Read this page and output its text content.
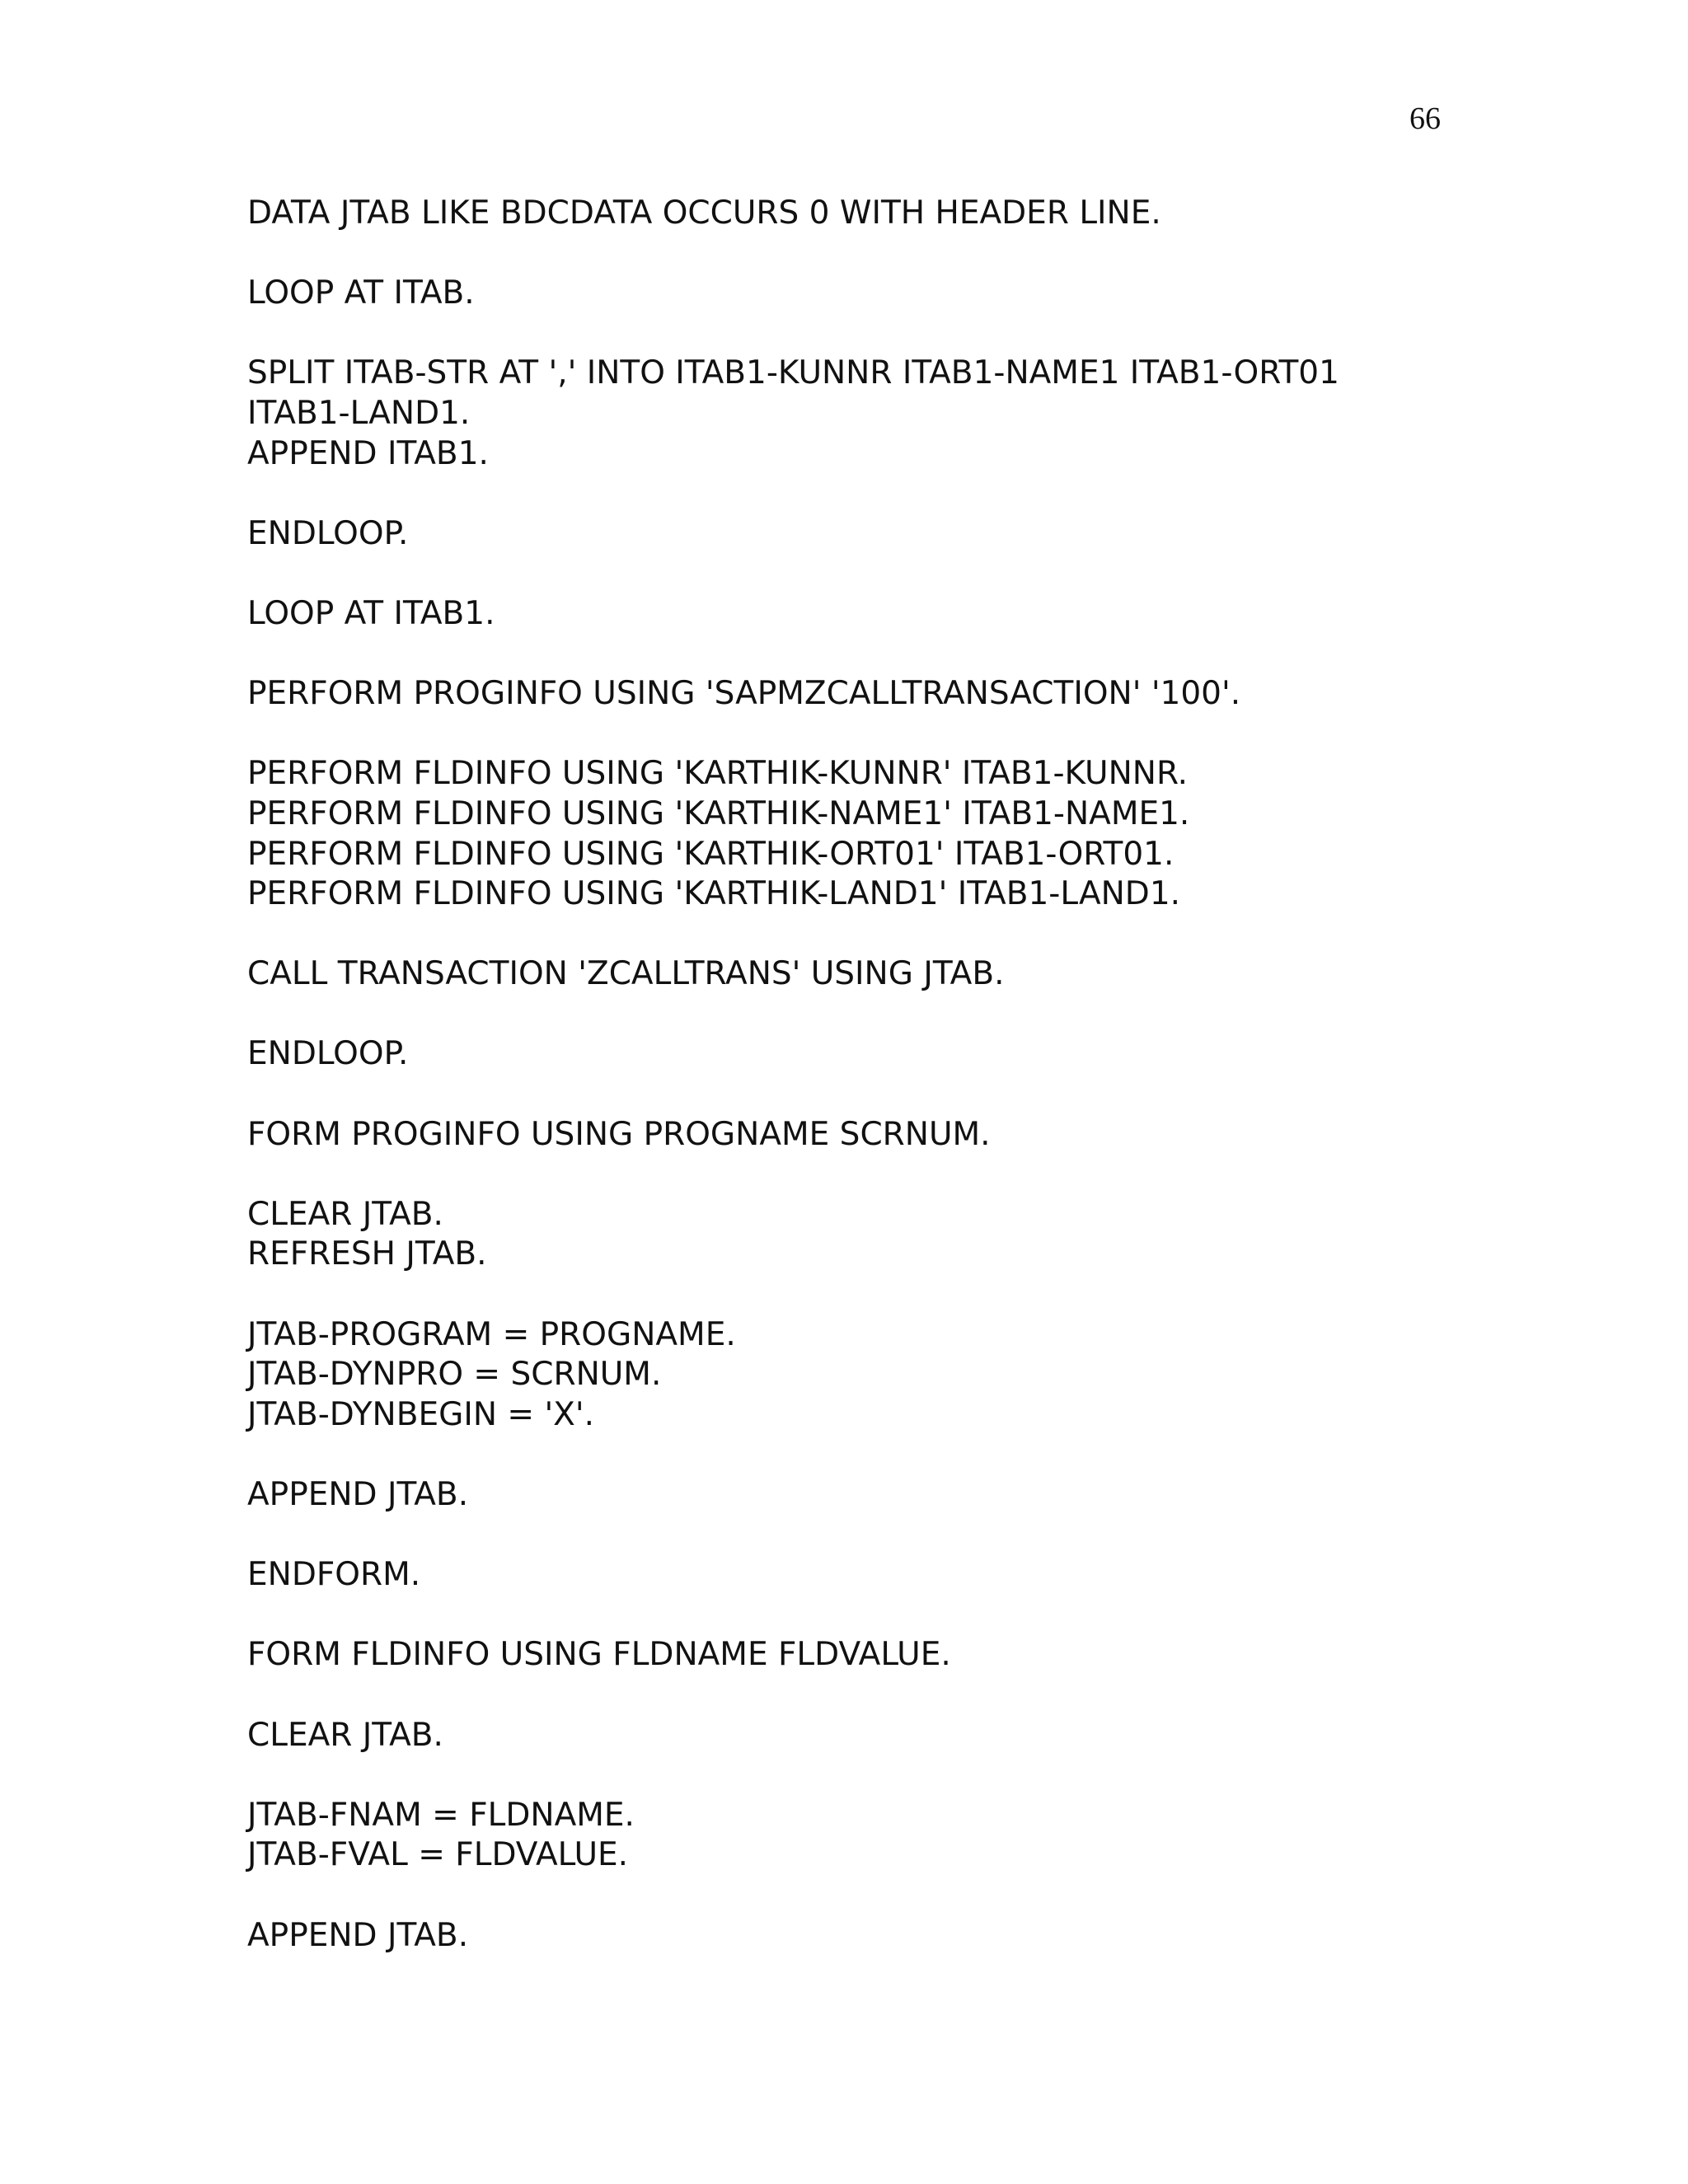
66
DATA JTAB LIKE BDCDATA OCCURS 0 WITH HEADER LINE.
LOOP AT ITAB.
SPLIT ITAB-STR AT ',' INTO ITAB1-KUNNR ITAB1-NAME1 ITAB1-ORT01
ITAB1-LAND1.
APPEND ITAB1.
ENDLOOP.
LOOP AT ITAB1.
PERFORM PROGINFO USING 'SAPMZCALLTRANSACTION' '100'.
PERFORM FLDINFO USING 'KARTHIK-KUNNR' ITAB1-KUNNR.
PERFORM FLDINFO USING 'KARTHIK-NAME1' ITAB1-NAME1.
PERFORM FLDINFO USING 'KARTHIK-ORT01' ITAB1-ORT01.
PERFORM FLDINFO USING 'KARTHIK-LAND1' ITAB1-LAND1.
CALL TRANSACTION 'ZCALLTRANS' USING JTAB.
ENDLOOP.
FORM PROGINFO USING PROGNAME SCRNUM.
CLEAR JTAB.
REFRESH JTAB.
JTAB-PROGRAM = PROGNAME.
JTAB-DYNPRO = SCRNUM.
JTAB-DYNBEGIN = 'X'.
APPEND JTAB.
ENDFORM.
FORM FLDINFO USING FLDNAME FLDVALUE.
CLEAR JTAB.
JTAB-FNAM = FLDNAME.
JTAB-FVAL = FLDVALUE.
APPEND JTAB.
